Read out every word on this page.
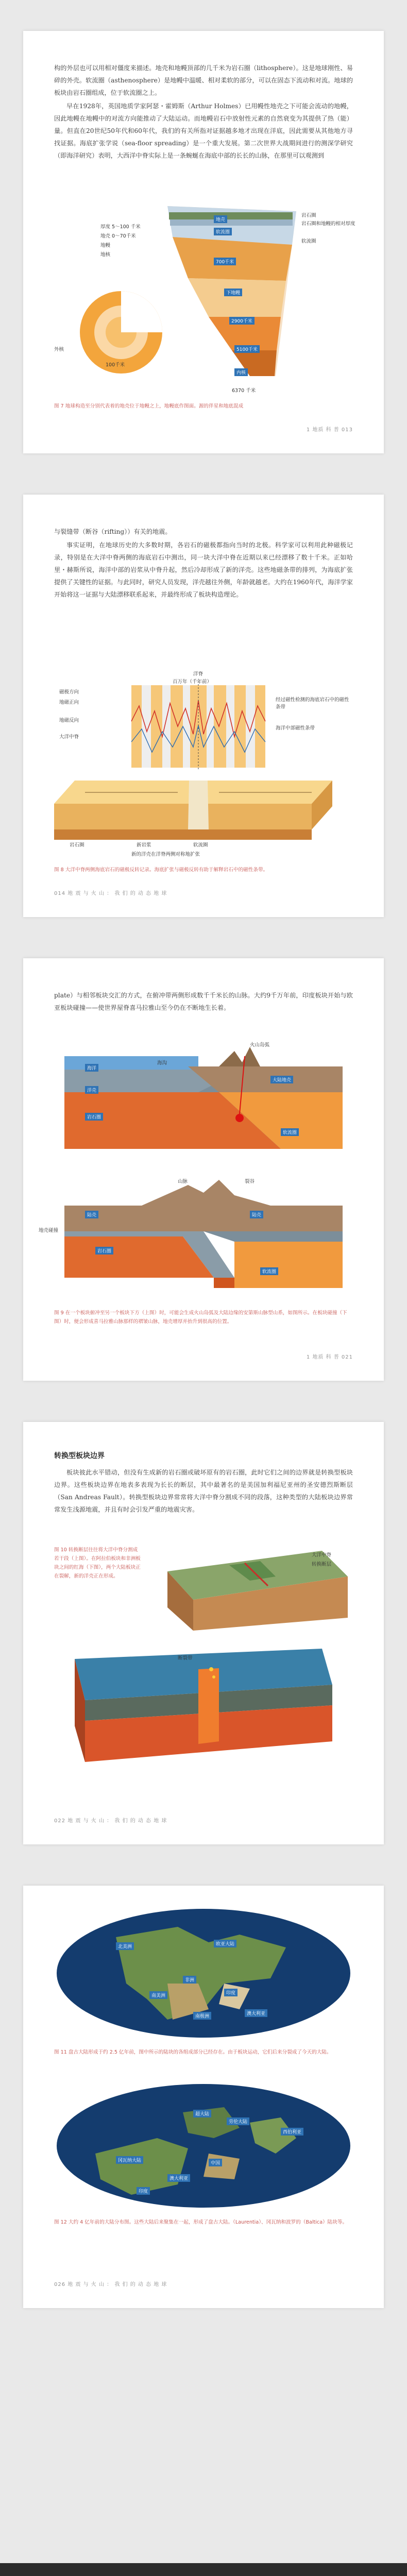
构的外层也可以用相对僵度来描述。地壳和地幔顶部的几千米为岩石圈（lithosphere）。这是地球刚性、易碎的外壳。软流圈（asthenosphere）是地幔中温暖、相对柔软的部分，可以在固态下流动和对流。地球的板块由岩石圈组成，位于软流圈之上。
早在1928年，英国地质学家阿瑟・霍姆斯（Arthur Holmes）已用幔性地壳之下可能会流动的地幔，因此地幔在地幔中的对流方向能推动了大陆运动。而地幔岩石中放射性元素的自然衰变为其提供了热（能）量。但直在20世纪50年代和60年代，我们的有关所指对证据越多地才出现在洋底，因此需要从其他地方寻找证据。海底扩张学说（sea-floor spreading）是一个重大发展。第二次世界大战期间进行的测深学研究（即海洋研究）表明，大西洋中脊实际上是一条蜿蜒在海底中部的长长的山脉，在那里可以观测到
厚度 5～100 千米
地壳 0～70千米
地幔
地核
地壳
软流圈
700千米
下地幔
2900千米
5100千米
内核
6370 千米
岩石圈
岩石圈和地幔的相对厚度
软流圈
外核
100千米
图 7 地球构造至分别代表着的地壳位于地幔之上，地幔底作图面。源的伴星和地底混成
1 地质 科 普 013
与裂缝带（断谷（rifting））有关的地震。
事实证明，在地球历史的大多数时期，各岩石的磁极都指向当时的北极。科学家可以利用此种磁极记录，特别是在大洋中脊两侧的海底岩石中测出，同一块大洋中脊在近期以来已经漂移了数十千米。正如哈里・赫斯所说，海洋中部的岩浆从中脊升起，然后冷却形成了新的洋壳。这些地磁条带的排列，为海底扩张提供了关键性的证据。与此同时，研究人员发现，洋壳越往外侧，年龄就越老。大约在1960年代，海洋学家开始将这一证据与大陆漂移联系起来，并最终形成了板块构造理论。
磁极方向
地磁正向
地磁反向
大洋中脊
洋脊
百万年（千年前）
经过磁性检测的海底岩石中的磁性条带
海洋中部磁性条带
岩石圈	新岩浆	软流圈
新的洋壳在洋脊两侧对称地扩张
图 8 大洋中脊两侧海底岩石的磁极反转记录。海底扩张与磁极反转有助于解释岩石中的磁性条带。
014 地 震 与 火 山 ： 我 们 的 动 态 地 球
plate）与相邻板块交汇的方式，在俯冲带两侧形成数千千米长的山脉。大约9千万年前，印度板块开始与欧亚板块碰撞——使世界屋脊喜马拉雅山至今仍在不断地生长着。
海洋
海沟
火山岛弧
洋壳
大陆地壳
岩石圈
软流圈
山脉	裂谷
陆壳	陆壳
岩石圈
软流圈
地壳碰撞
图 9 在一个板块俯冲至另一个板块下方（上图）时，可能会生成火山岛弧及大陆边缘的安第斯山脉型山系，如图所示。在板块碰撞（下图）时，便会形成喜马拉雅山脉那样的褶皱山脉，地壳增厚并抬升到很高的位置。
1 地质 科 普 021
转换型板块边界
板块彼此水平错动，但没有生成新的岩石圈或破坏原有的岩石圈，此时它们之间的边界就是转换型板块边界。这些板块边界在地表多表现为长长的断层，其中最著名的是美国加利福尼亚州的圣安德烈斯断层（San Andreas Fault）。转换型板块边界常常将大洋中脊分割成不同的段落，这种类型的大陆板块边界常常发生浅源地震，并且有时会引发严重的地震灾害。
图 10 转换断层往往将大洋中脊分割成若干段（上图）。在阿拉伯板块和非洲板块之间的红海（下图），两个大陆板块正在裂解，新的洋壳正在形成。
大洋中脊
转换断层
断裂带
022 地 震 与 火 山 ： 我 们 的 动 态 地 球
北美洲	欧亚大陆
非洲
南美洲	印度
南极洲	澳大利亚
图 11 盘古大陆形成于约 2.5 亿年前，图中所示的陆块的各组成部分已经存在。由于板块运动，它们后来分裂成了今天的大陆。
超大陆
劳伦大陆
冈瓦纳大陆
西伯利亚
中国
澳大利亚
印度
图 12 大约 4 亿年前的大陆分布图。这些大陆后来聚集在一起，形成了盘古大陆。（Laurentia）、冈瓦纳和波罗的（Baltica）陆块等。
026 地 震 与 火 山 ： 我 们 的 动 态 地 球
